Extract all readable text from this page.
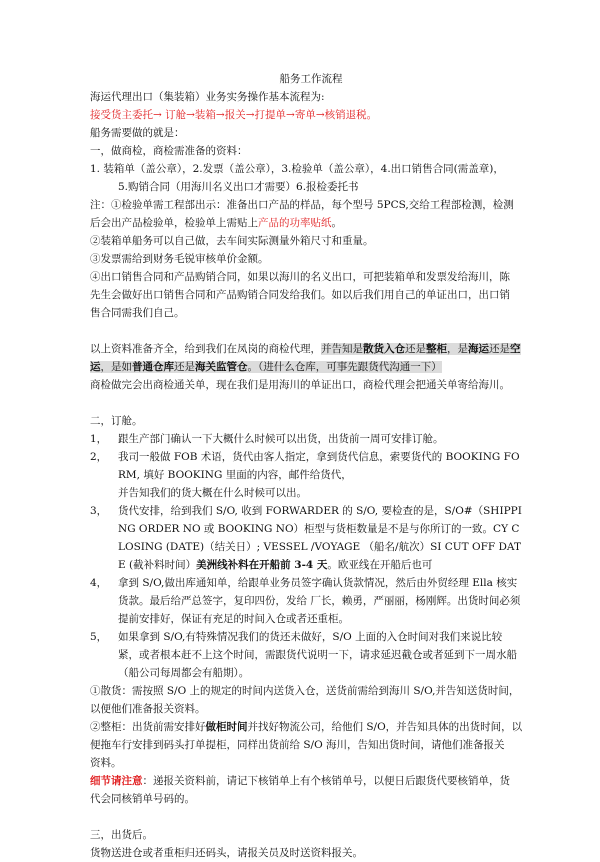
船务工作流程
海运代理出口（集装箱）业务实务操作基本流程为:
接受货主委托→ 订舱→装箱→报关→打提单→寄单→核销退税。
船务需要做的就是：
一，做商检，商检需准备的资料：
1. 装箱单（盖公章），2.发票（盖公章），3.检验单（盖公章），4.出口销售合同(需盖章)，
5.购销合同（用海川名义出口才需要）6.报检委托书
注：①检验单需工程部出示：准备出口产品的样品，每个型号 5PCS,交给工程部检测，检测
后会出产品检验单，检验单上需贴上产品的功率贴纸。
②装箱单船务可以自己做，去车间实际测量外箱尺寸和重量。
③发票需给到财务毛锐审核单价金额。
④出口销售合同和产品购销合同，如果以海川的名义出口，可把装箱单和发票发给海川，陈
先生会做好出口销售合同和产品购销合同发给我们。如以后我们用自己的单证出口，出口销
售合同需我们自己。
以上资料准备齐全，给到我们在凤岗的商检代理，并告知是散货入仓还是整柜，是海运还是空运，是如普通仓库还是海关监管仓。（进什么仓库，可事先跟货代沟通一下）
商检做完会出商检通关单，现在我们是用海川的单证出口，商检代理会把通关单寄给海川。
二，订舱。
1，	跟生产部门确认一下大概什么时候可以出货，出货前一周可安排订舱。
2，	我司一般做 FOB 术语，货代由客人指定，拿到货代信息，索要货代的 BOOKING FORM, 填好 BOOKING 里面的内容，邮件给货代，
并告知我们的货大概在什么时候可以出。
3，	货代安排，给到我们 S/O, 收到 FORWARDER 的 S/O, 要检查的是，S/O#（SHIPPING ORDER NO 或 BOOKING NO）柜型与货柜数量是不是与你所订的一致。CY CLOSING (DATE)（结关日）; VESSEL /VOYAGE （船名/航次）SI CUT OFF DATE (截补料时间）美洲线补料在开船前 3-4 天。欧亚线在开船后也可
4，	拿到 S/O,做出库通知单，给跟单业务员签字确认货款情况，然后由外贸经理 Ella 核实货款。最后给严总签字，复印四份，发给 厂长，赖勇，严丽丽，杨刚辉。出货时间必须提前安排好，保证有充足的时间入仓或者还重柜。
5，	如果拿到 S/O,有特殊情况我们的货还未做好，S/O 上面的入仓时间对我们来说比较紧，或者根本赶不上这个时间，需跟货代说明一下，请求延迟截仓或者延到下一周水船（船公司每周都会有船期）。
①散货：需按照 S/O 上的规定的时间内送货入仓，送货前需给到海川 S/O,并告知送货时间，
以便他们准备报关资料。
②整柜：出货前需安排好做柜时间并找好物流公司，给他们 S/O，并告知具体的出货时间，以
便拖车行安排到码头打单提柜，同样出货前给 S/O 海川，告知出货时间，请他们准备报关
资料。
细节请注意：递报关资料前，请记下核销单上有个核销单号，以便日后跟货代要核销单，货
代会同核销单号码的。
三，出货后。
货物送进仓或者重柜归还码头，请报关员及时送资料报关。
